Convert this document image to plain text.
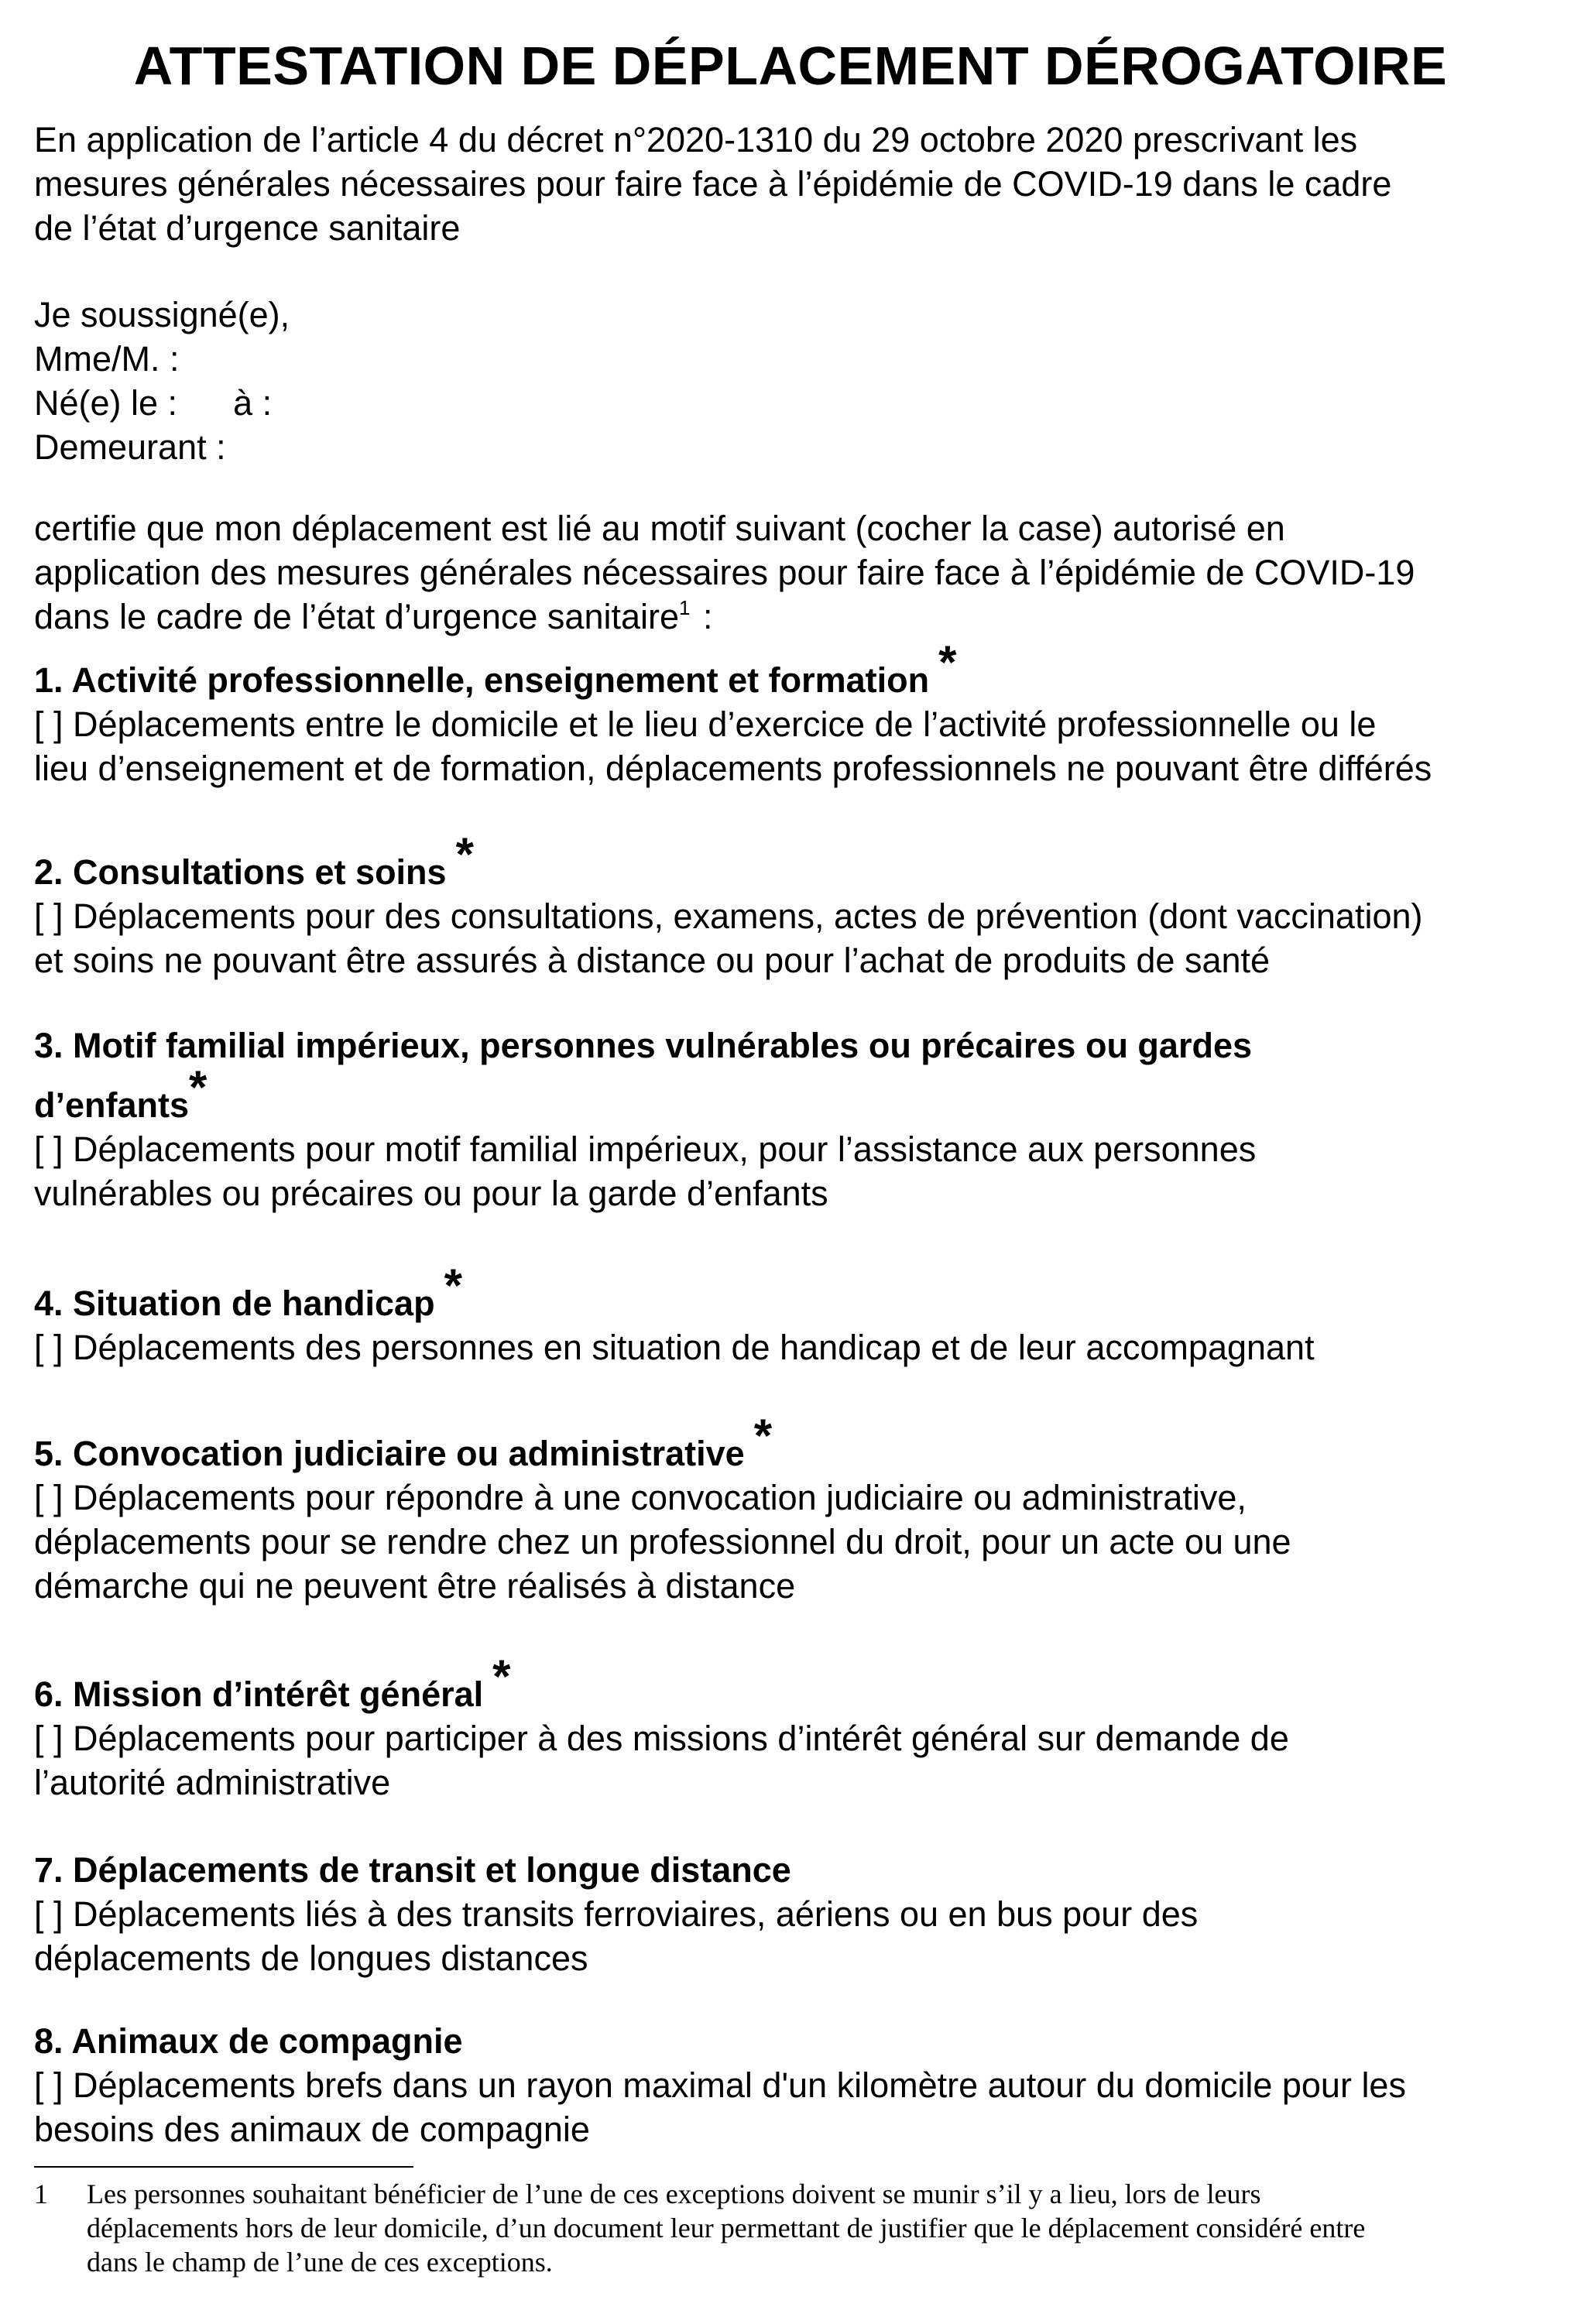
ATTESTATION DE DÉPLACEMENT DÉROGATOIRE

En application de l’article 4 du décret n°2020-1310 du 29 octobre 2020 prescrivant les

mesures générales nécessaires pour faire face à l’épidémie de COVID-19 dans le cadre

de l’état d’urgence sanitaire

Je soussigné(e),

Mme/M. :

Né(e) le : à :

Demeurant :

certifie que mon déplacement est lié au motif suivant (cocher la case) autorisé en

application des mesures générales nécessaires pour faire face à l’épidémie de COVID-19

dans le cadre de l’état d’urgence sanitaire$^1$ :

1. Activité professionnelle, enseignement et formation *

[ ] Déplacements entre le domicile et le lieu d’exercice de l’activité professionnelle ou le

lieu d’enseignement et de formation, déplacements professionnels ne pouvant être différés

2. Consultations et soins *

[ ] Déplacements pour des consultations, examens, actes de prévention (dont vaccination)

et soins ne pouvant être assurés à distance ou pour l’achat de produits de santé

3. Motif familial impérieux, personnes vulnérables ou précaires ou gardes

d’enfants*

[ ] Déplacements pour motif familial impérieux, pour l’assistance aux personnes

vulnérables ou précaires ou pour la garde d’enfants

4. Situation de handicap *

[ ] Déplacements des personnes en situation de handicap et de leur accompagnant

5. Convocation judiciaire ou administrative *

[ ] Déplacements pour répondre à une convocation judiciaire ou administrative,

déplacements pour se rendre chez un professionnel du droit, pour un acte ou une

démarche qui ne peuvent être réalisés à distance

6. Mission d’intérêt général *

[ ] Déplacements pour participer à des missions d’intérêt général sur demande de

l’autorité administrative

7. Déplacements de transit et longue distance

[ ] Déplacements liés à des transits ferroviaires, aériens ou en bus pour des

déplacements de longues distances

8. Animaux de compagnie

[ ] Déplacements brefs dans un rayon maximal d'un kilomètre autour du domicile pour les

besoins des animaux de compagnie

1 Les personnes souhaitant bénéficier de l’une de ces exceptions doivent se munir s’il y a lieu, lors de leurs
déplacements hors de leur domicile, d’un document leur permettant de justifier que le déplacement considéré entre
dans le champ de l’une de ces exceptions.
